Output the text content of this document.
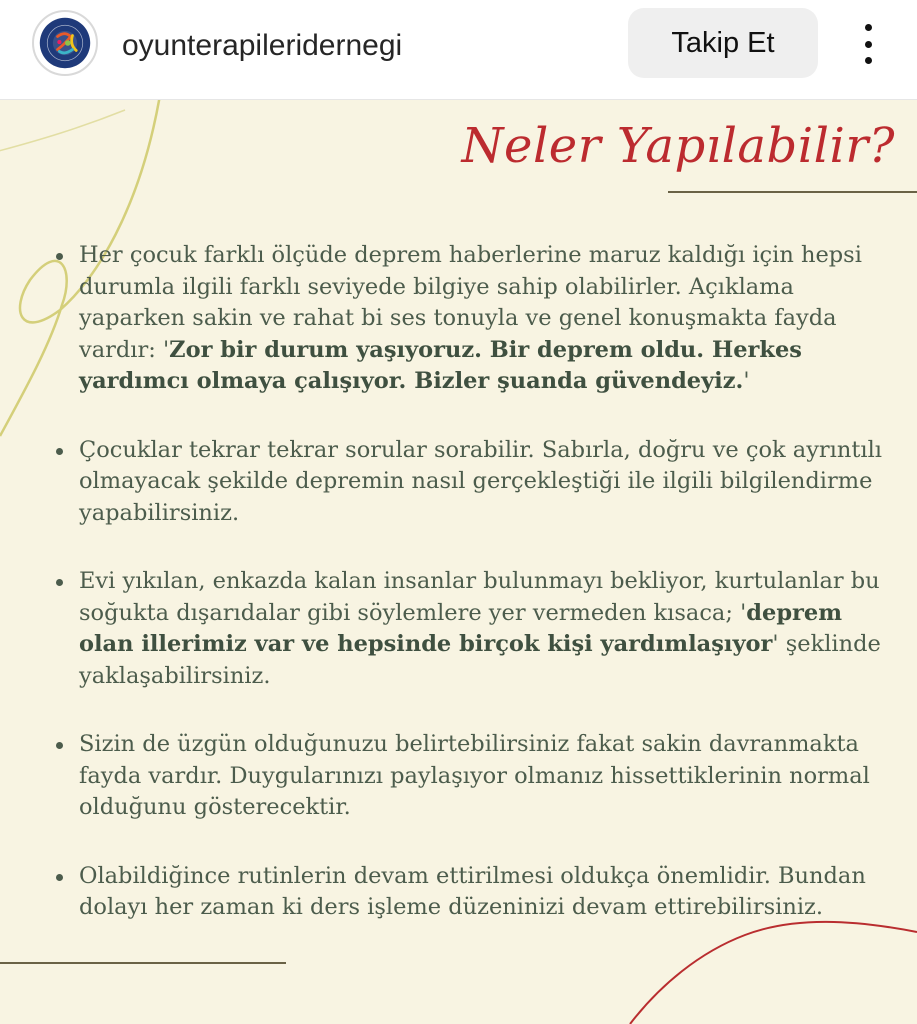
oyunterapileridernegi	Takip Et
Neler Yapılabilir?
Her çocuk farklı ölçüde deprem haberlerine maruz kaldığı için hepsi durumla ilgili farklı seviyede bilgiye sahip olabilirler. Açıklama yaparken sakin ve rahat bi ses tonuyla ve genel konuşmakta fayda vardır: 'Zor bir durum yaşıyoruz. Bir deprem oldu. Herkes yardımcı olmaya çalışıyor. Bizler şuanda güvendeyiz.'
Çocuklar tekrar tekrar sorular sorabilir. Sabırla, doğru ve çok ayrıntılı olmayacak şekilde depremin nasıl gerçekleştiği ile ilgili bilgilendirme yapabilirsiniz.
Evi yıkılan, enkazda kalan insanlar bulunmayı bekliyor, kurtulanlar bu soğukta dışarıdalar gibi söylemlere yer vermeden kısaca; 'deprem olan illerimiz var ve hepsinde birçok kişi yardımlaşıyor' şeklinde yaklaşabilirsiniz.
Sizin de üzgün olduğunuzu belirtebilirsiniz fakat sakin davranmakta fayda vardır. Duygularınızı paylaşıyor olmanız hissettiklerinin normal olduğunu gösterecektir.
Olabildiğince rutinlerin devam ettirilmesi oldukça önemlidir. Bundan dolayı her zaman ki ders işleme düzeninizi devam ettirebilirsiniz.
